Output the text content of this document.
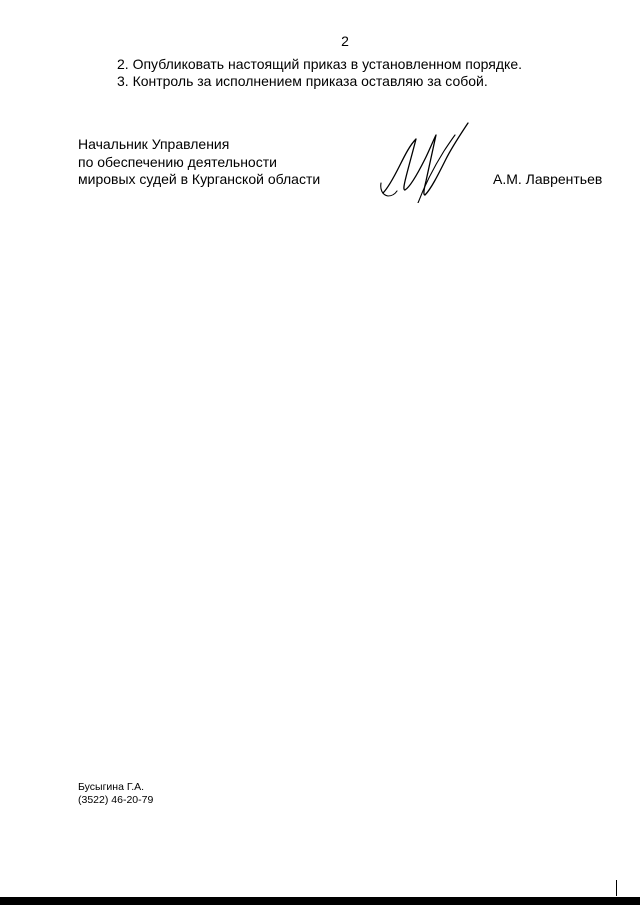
2
2. Опубликовать настоящий приказ в установленном порядке.
3. Контроль за исполнением приказа оставляю за собой.
Начальник Управления
по обеспечению деятельности
мировых судей в Курганской области	А.М. Лаврентьев
Бусыгина Г.А.
(3522) 46-20-79
